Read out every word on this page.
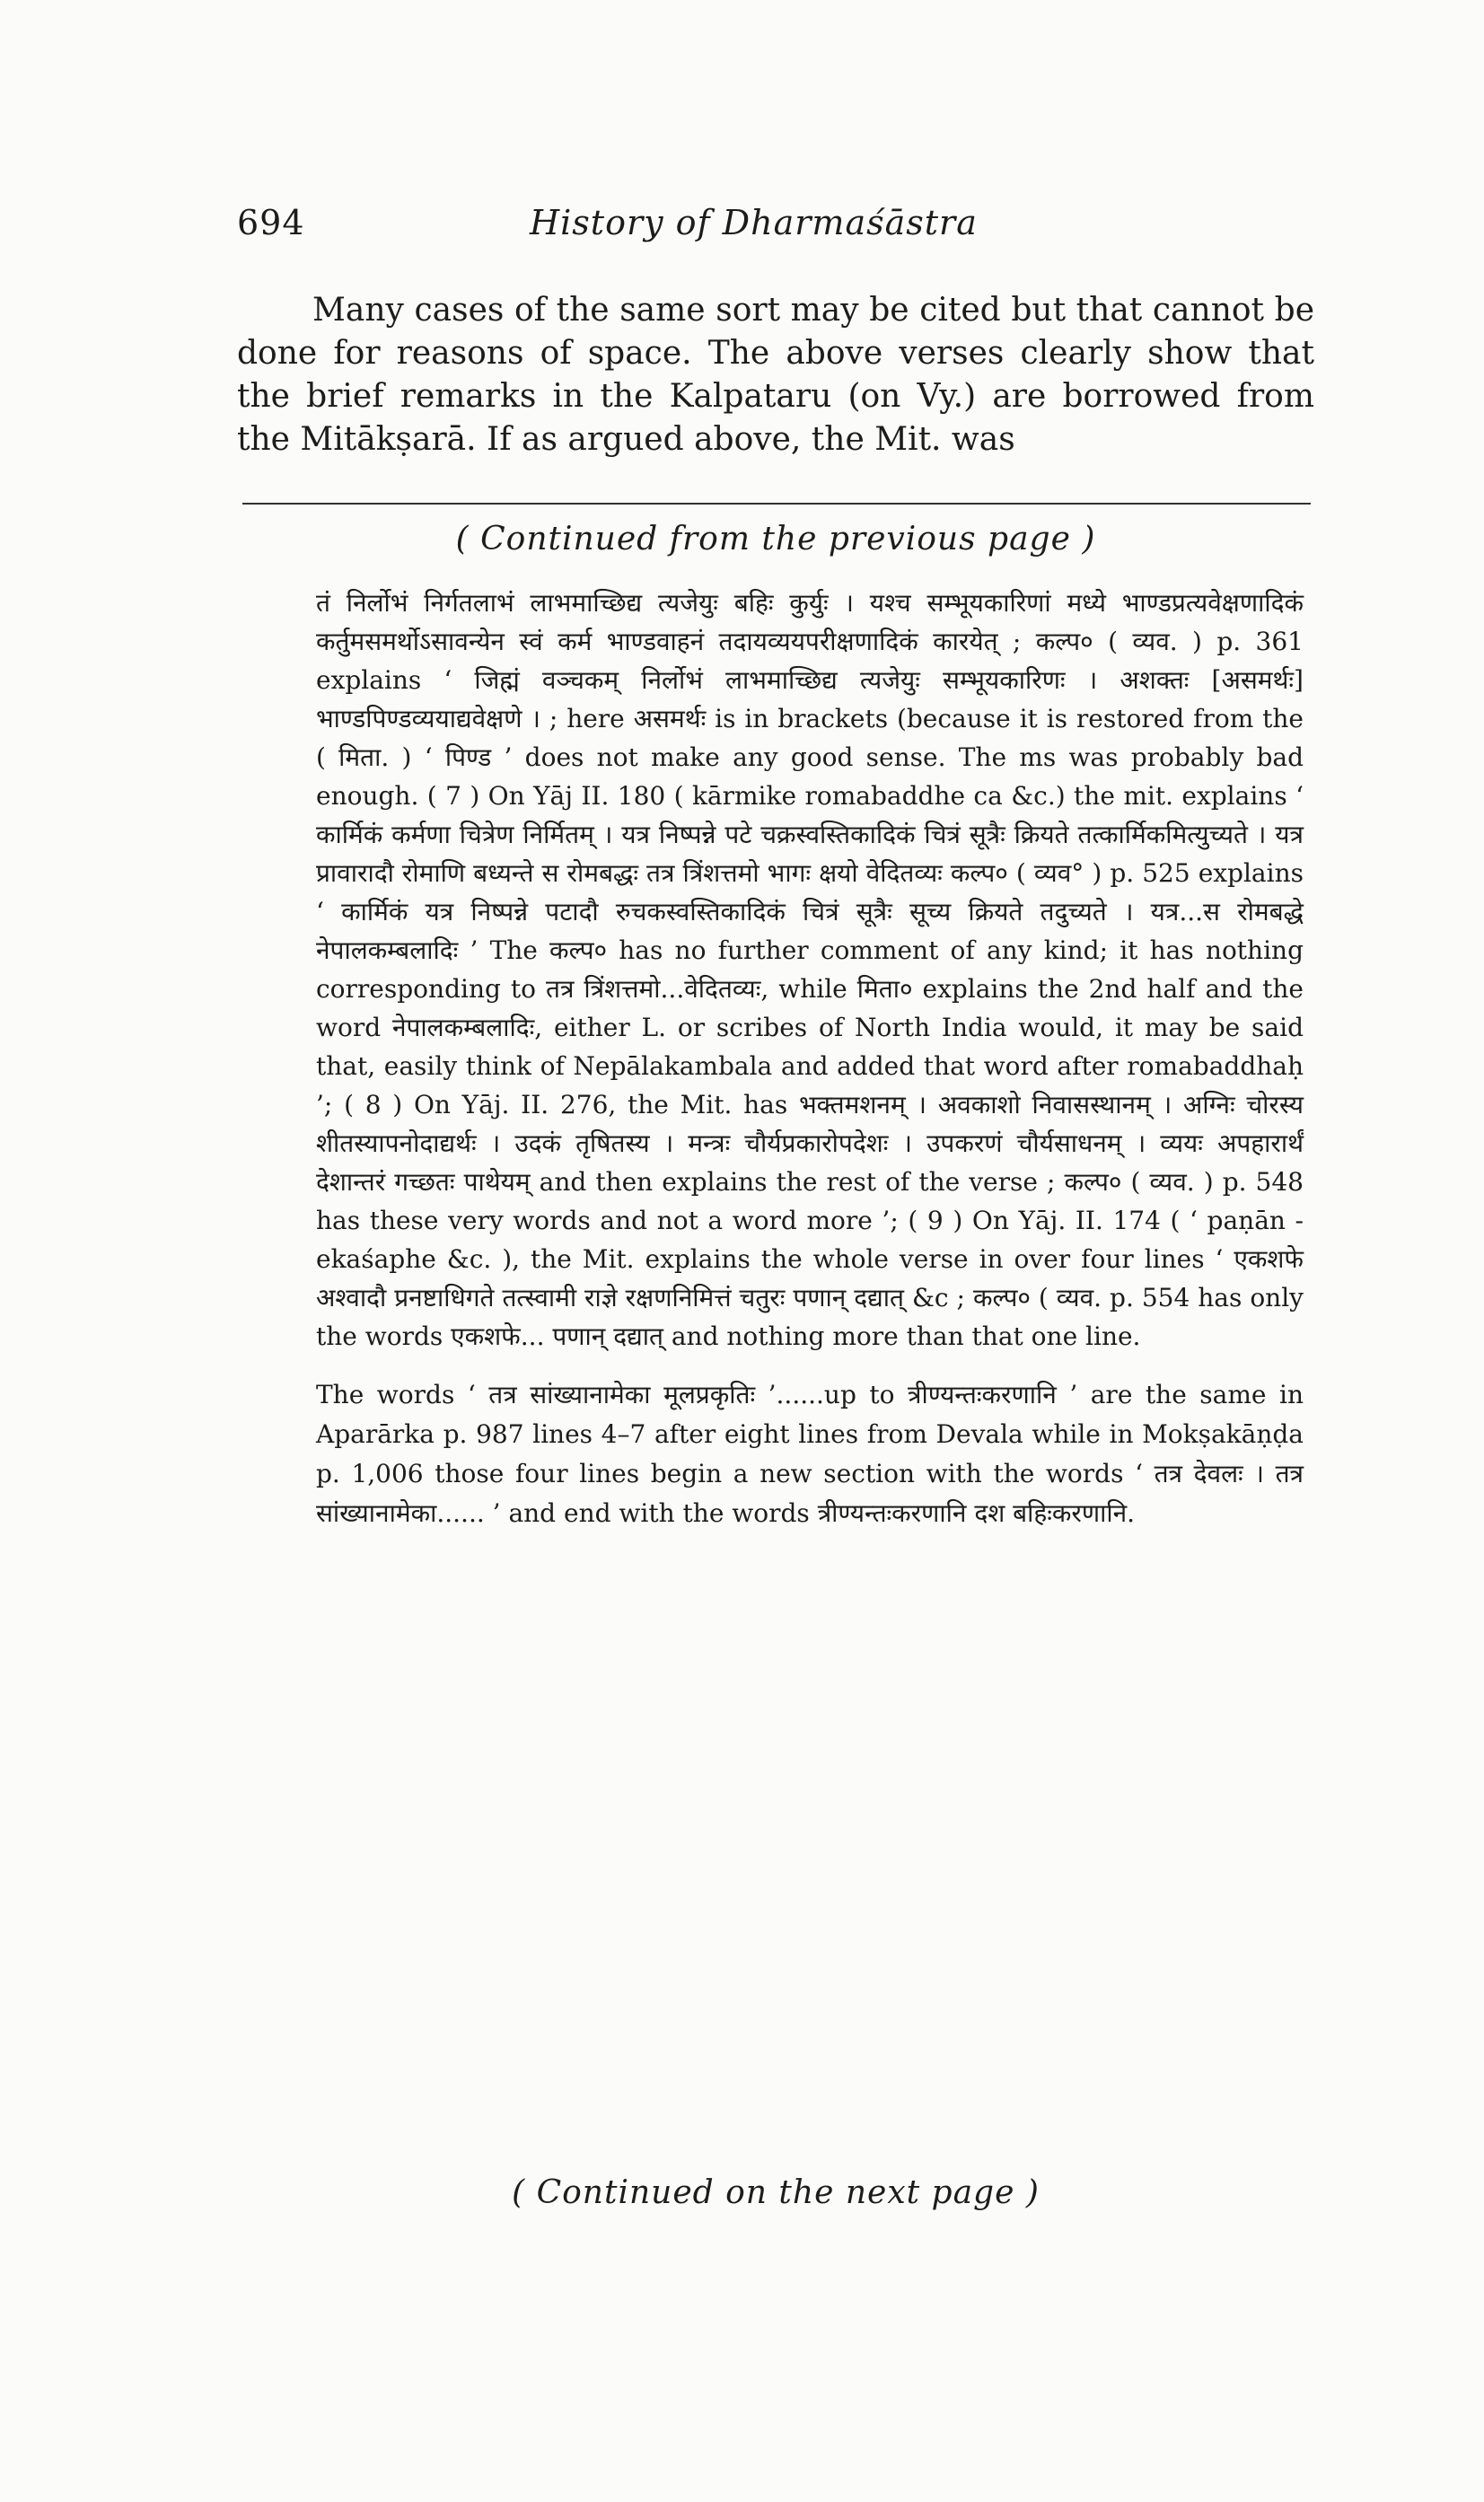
694	History of Dharmaśāstra
Many cases of the same sort may be cited but that cannot be done for reasons of space. The above verses clearly show that the brief remarks in the Kalpataru (on Vy.) are borrowed from the Mitākṣarā. If as argued above, the Mit. was
( Continued from the previous page )

तं निर्लोभं निर्गतलाभं लाभमाच्छिद्य त्यजेयुः बहिः कुर्युः । यश्च सम्भूयकारिणां मध्ये भाण्डप्रत्यवेक्षणादिकं कर्तुमसमर्थोऽसावन्येन स्वं कर्म भाण्डवाहनं तदायव्ययपरीक्षणादिकं कारयेत् ; कल्प० ( व्यव. ) p. 361 explains ‘ जिह्मं वञ्चकम् निर्लोभं लाभमाच्छिद्य त्यजेयुः सम्भूयकारिणः । अशक्तः [असमर्थः] भाण्डपिण्डव्ययाद्यवेक्षणे । ; here असमर्थः is in brackets (because it is restored from the ( मिता. ) ‘ पिण्ड ’ does not make any good sense. The ms was probably bad enough. ( 7 ) On Yāj II. 180 ( kārmike romabaddhe ca &c.) the mit. explains ‘ कार्मिकं कर्मणा चित्रेण निर्मितम् । यत्र निष्पन्ने पटे चक्रस्वस्तिकादिकं चित्रं सूत्रैः क्रियते तत्कार्मिकमित्युच्यते । यत्र प्रावारादौ रोमाणि बध्यन्ते स रोमबद्धः तत्र त्रिंशत्तमो भागः क्षयो वेदितव्यः कल्प० ( व्यव° ) p. 525 explains ‘ कार्मिकं यत्र निष्पन्ने पटादौ रुचकस्वस्तिकादिकं चित्रं सूत्रैः सूच्य क्रियते तदुच्यते । यत्र...स रोमबद्धे नेपालकम्बलादिः ’ The कल्प० has no further comment of any kind; it has nothing corresponding to तत्र त्रिंशत्तमो...वेदितव्यः, while मिता० explains the 2nd half and the word नेपालकम्बलादिः, either L. or scribes of North India would, it may be said that, easily think of Nepālakambala and added that word after romabaddhaḥ ’; ( 8 ) On Yāj. II. 276, the Mit. has भक्तमशनम् । अवकाशो निवासस्थानम् । अग्निः चोरस्य शीतस्यापनोदाद्यर्थः । उदकं तृषितस्य । मन्त्रः चौर्यप्रकारोपदेशः । उपकरणं चौर्यसाधनम् । व्ययः अपहारार्थं देशान्तरं गच्छतः पाथेयम् and then explains the rest of the verse ; कल्प० ( व्यव. ) p. 548 has these very words and not a word more ’; ( 9 ) On Yāj. II. 174 ( ‘ paṇān - ekaśaphe &c. ), the Mit. explains the whole verse in over four lines ‘ एकशफे अश्वादौ प्रनष्टाधिगते तत्स्वामी राज्ञे रक्षणनिमित्तं चतुरः पणान् दद्यात् &c ; कल्प० ( व्यव. p. 554 has only the words एकशफे... पणान् दद्यात् and nothing more than that one line.

The words ‘ तत्र सांख्यानामेका मूलप्रकृतिः ’......up to त्रीण्यन्तःकरणानि ’ are the same in Aparārka p. 987 lines 4–7 after eight lines from Devala while in Mokṣakāṇḍa p. 1,006 those four lines begin a new section with the words ‘ तत्र देवलः । तत्र सांख्यानामेका...... ’ and end with the words त्रीण्यन्तःकरणानि दश बहिःकरणानि.

( Continued on the next page )
